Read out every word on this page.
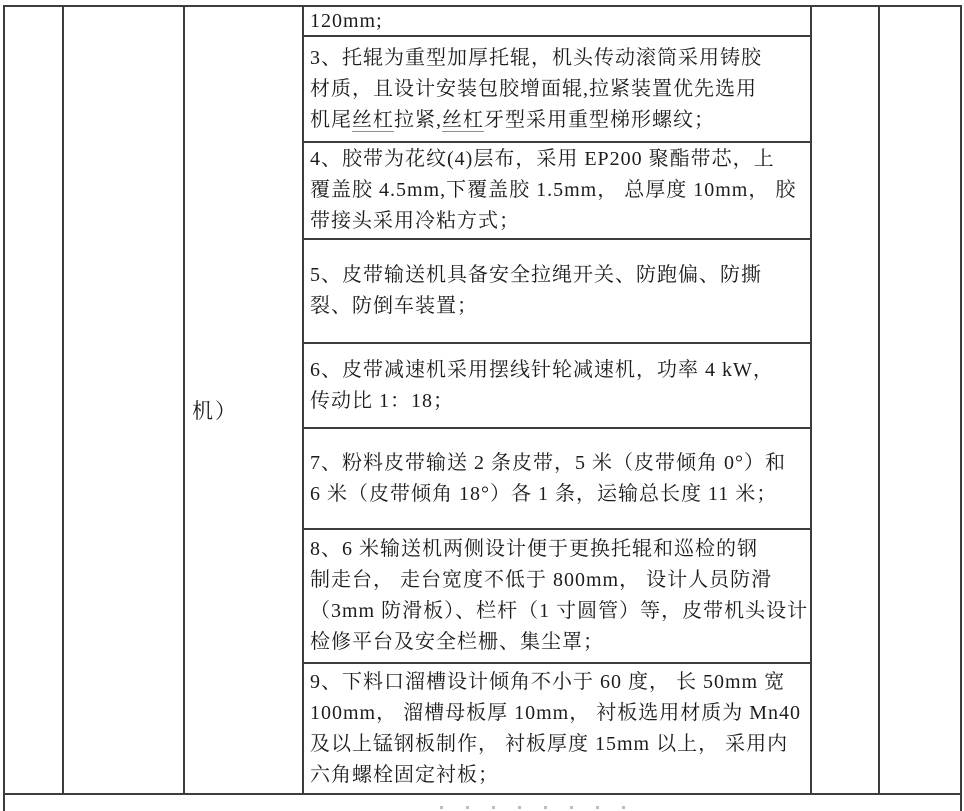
机）
120mm;
3、托辊为重型加厚托辊，机头传动滚筒采用铸胶
材质，且设计安装包胶增面辊,拉紧装置优先选用
机尾丝杠拉紧,丝杠牙型采用重型梯形螺纹；
4、胶带为花纹(4)层布，采用 EP200 聚酯带芯，上
覆盖胶 4.5mm,下覆盖胶 1.5mm， 总厚度 10mm， 胶
带接头采用冷粘方式；
5、皮带输送机具备安全拉绳开关、防跑偏、防撕
裂、防倒车装置；
6、皮带减速机采用摆线针轮减速机，功率 4 kW，
传动比 1：18；
7、粉料皮带输送 2 条皮带，5 米（皮带倾角 0°）和
6 米（皮带倾角 18°）各 1 条，运输总长度 11 米；
8、6 米输送机两侧设计便于更换托辊和巡检的钢
制走台， 走台宽度不低于 800mm， 设计人员防滑
（3mm 防滑板）、栏杆（1 寸圆管）等，皮带机头设计
检修平台及安全栏栅、集尘罩；
9、下料口溜槽设计倾角不小于 60 度， 长 50mm 宽
100mm， 溜槽母板厚 10mm， 衬板选用材质为 Mn40
及以上锰钢板制作， 衬板厚度 15mm 以上， 采用内
六角螺栓固定衬板；
